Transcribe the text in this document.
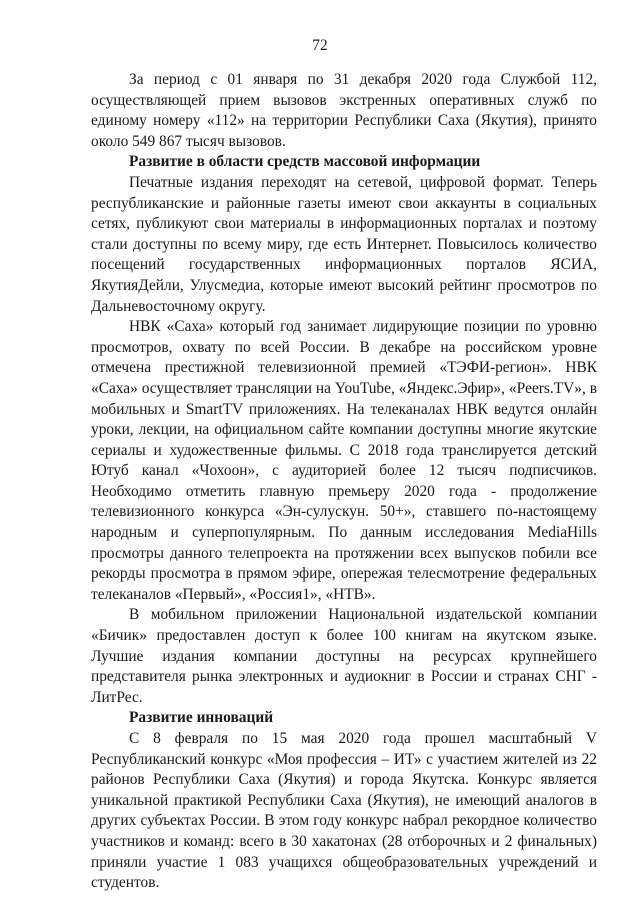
72

За период с 01 января по 31 декабря 2020 года Службой 112, осуществляющей прием вызовов экстренных оперативных служб по единому номеру «112» на территории Республики Саха (Якутия), принято около 549 867 тысяч вызовов.

Развитие в области средств массовой информации

Печатные издания переходят на сетевой, цифровой формат. Теперь республиканские и районные газеты имеют свои аккаунты в социальных сетях, публикуют свои материалы в информационных порталах и поэтому стали доступны по всему миру, где есть Интернет. Повысилось количество посещений государственных информационных порталов ЯСИА, ЯкутияДейли, Улусмедиа, которые имеют высокий рейтинг просмотров по Дальневосточному округу.

НВК «Саха» который год занимает лидирующие позиции по уровню просмотров, охвату по всей России. В декабре на российском уровне отмечена престижной телевизионной премией «ТЭФИ-регион». НВК «Саха» осуществляет трансляции на YouTube, «Яндекс.Эфир», «Peers.TV», в мобильных и SmartTV приложениях. На телеканалах НВК ведутся онлайн уроки, лекции, на официальном сайте компании доступны многие якутские сериалы и художественные фильмы. С 2018 года транслируется детский Ютуб канал «Чохоон», с аудиторией более 12 тысяч подписчиков. Необходимо отметить главную премьеру 2020 года - продолжение телевизионного конкурса «Эн-сулускун. 50+», ставшего по-настоящему народным и суперпопулярным. По данным исследования MediaHills просмотры данного телепроекта на протяжении всех выпусков побили все рекорды просмотра в прямом эфире, опережая телесмотрение федеральных телеканалов «Первый», «Россия1», «НТВ».

В мобильном приложении Национальной издательской компании «Бичик» предоставлен доступ к более 100 книгам на якутском языке. Лучшие издания компании доступны на ресурсах крупнейшего представителя рынка электронных и аудиокниг в России и странах СНГ - ЛитРес.

Развитие инноваций

С 8 февраля по 15 мая 2020 года прошел масштабный V Республиканский конкурс «Моя профессия – ИТ» с участием жителей из 22 районов Республики Саха (Якутия) и города Якутска. Конкурс является уникальной практикой Республики Саха (Якутия), не имеющий аналогов в других субъектах России. В этом году конкурс набрал рекордное количество участников и команд: всего в 30 хакатонах (28 отборочных и 2 финальных) приняли участие 1 083 учащихся общеобразовательных учреждений и студентов.
